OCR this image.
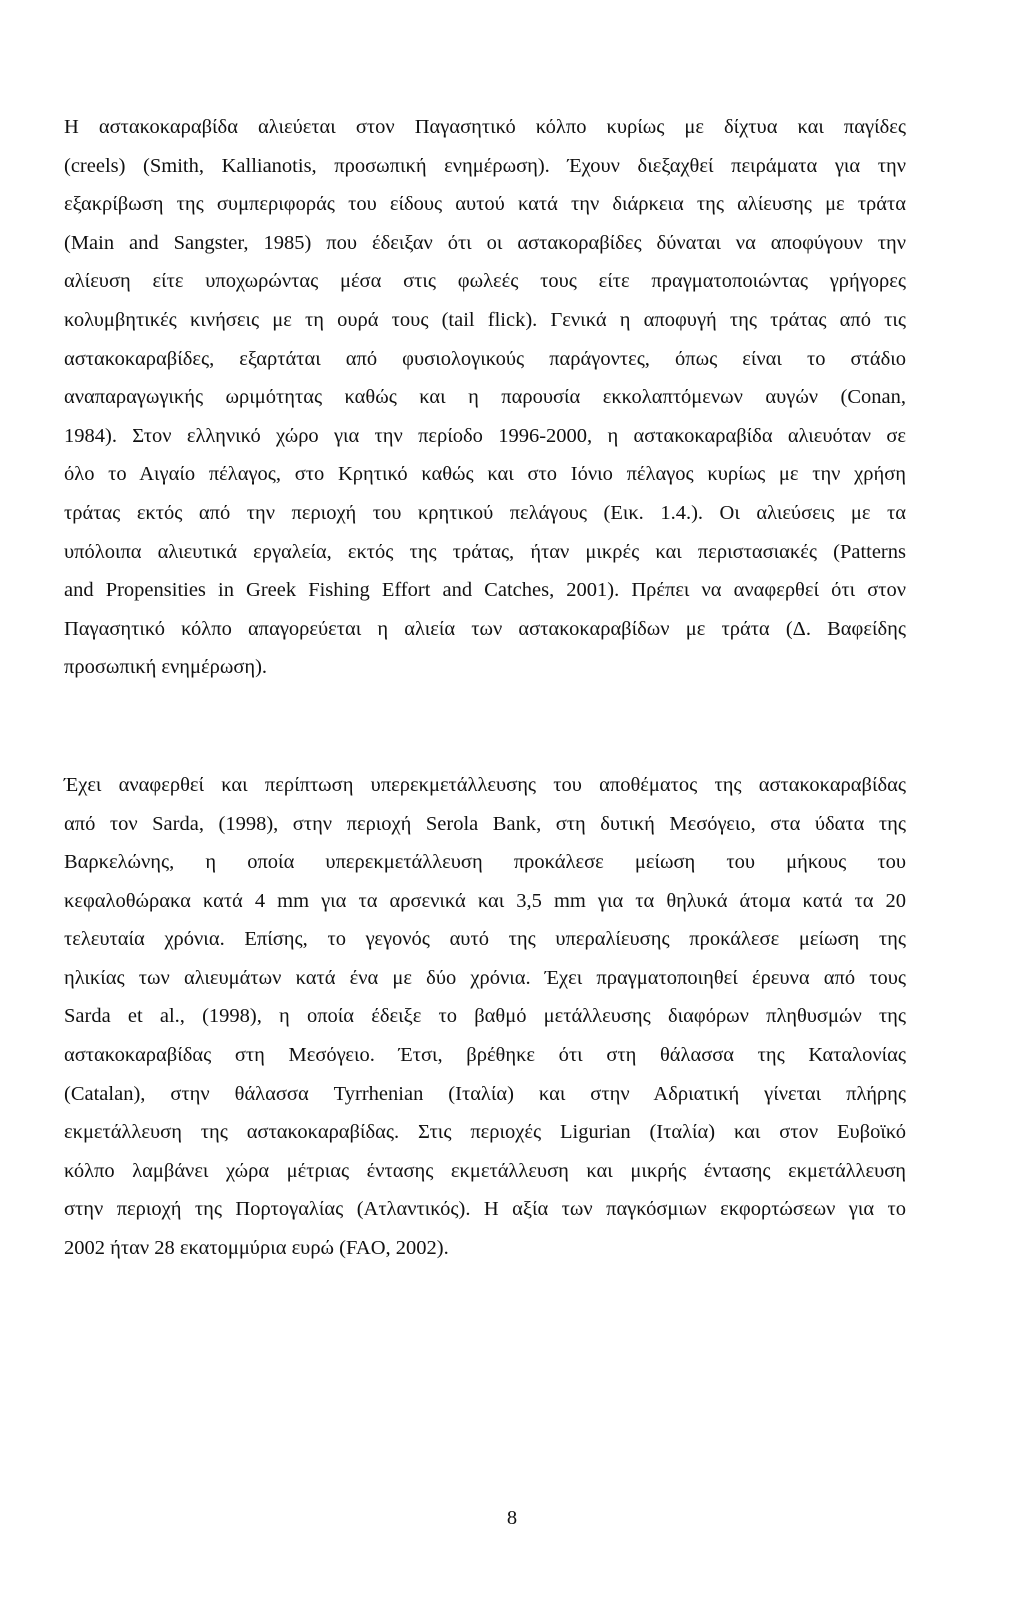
Η αστακοκαραβίδα αλιεύεται στον Παγασητικό κόλπο κυρίως με δίχτυα και παγίδες
(creels) (Smith, Kallianotis, προσωπική ενημέρωση). Έχουν διεξαχθεί πειράματα για την
εξακρίβωση της συμπεριφοράς του είδους αυτού κατά την διάρκεια της αλίευσης με τράτα
(Main and Sangster, 1985) που έδειξαν ότι οι αστακοραβίδες δύναται να αποφύγουν την
αλίευση είτε υποχωρώντας μέσα στις φωλεές τους είτε πραγματοποιώντας γρήγορες
κολυμβητικές κινήσεις με τη ουρά τους (tail flick). Γενικά η αποφυγή της τράτας από τις
αστακοκαραβίδες, εξαρτάται από φυσιολογικούς παράγοντες, όπως είναι το στάδιο
αναπαραγωγικής ωριμότητας καθώς και η παρουσία εκκολαπτόμενων αυγών (Conan,
1984). Στον ελληνικό χώρο για την περίοδο 1996-2000, η αστακοκαραβίδα αλιευόταν σε
όλο το Αιγαίο πέλαγος, στο Κρητικό καθώς και στο Ιόνιο πέλαγος κυρίως με την χρήση
τράτας εκτός από την περιοχή του κρητικού πελάγους (Εικ. 1.4.). Οι αλιεύσεις με τα
υπόλοιπα αλιευτικά εργαλεία, εκτός της τράτας, ήταν μικρές και περιστασιακές (Patterns
and Propensities in Greek Fishing Effort and Catches, 2001). Πρέπει να αναφερθεί ότι στον
Παγασητικό κόλπο απαγορεύεται η αλιεία των αστακοκαραβίδων με τράτα (Δ. Βαφείδης
προσωπική ενημέρωση).
Έχει αναφερθεί και περίπτωση υπερεκμετάλλευσης του αποθέματος της αστακοκαραβίδας
από τον Sarda, (1998), στην περιοχή Serola Bank, στη δυτική Μεσόγειο, στα ύδατα της
Βαρκελώνης, η οποία υπερεκμετάλλευση προκάλεσε μείωση του μήκους του
κεφαλοθώρακα κατά 4 mm για τα αρσενικά και 3,5 mm για τα θηλυκά άτομα κατά τα 20
τελευταία χρόνια. Επίσης, το γεγονός αυτό της υπεραλίευσης προκάλεσε μείωση της
ηλικίας των αλιευμάτων κατά ένα με δύο χρόνια. Έχει πραγματοποιηθεί έρευνα από τους
Sarda et al., (1998), η οποία έδειξε το βαθμό μετάλλευσης διαφόρων πληθυσμών της
αστακοκαραβίδας στη Μεσόγειο. Έτσι, βρέθηκε ότι στη θάλασσα της Καταλονίας
(Catalan), στην θάλασσα Tyrrhenian (Ιταλία) και στην Αδριατική γίνεται πλήρης
εκμετάλλευση της αστακοκαραβίδας. Στις περιοχές Ligurian (Ιταλία) και στον Ευβοϊκό
κόλπο λαμβάνει χώρα μέτριας έντασης εκμετάλλευση και μικρής έντασης εκμετάλλευση
στην περιοχή της Πορτογαλίας (Ατλαντικός). Η αξία των παγκόσμιων εκφορτώσεων για το
2002 ήταν 28 εκατομμύρια ευρώ (FAO, 2002).
8
